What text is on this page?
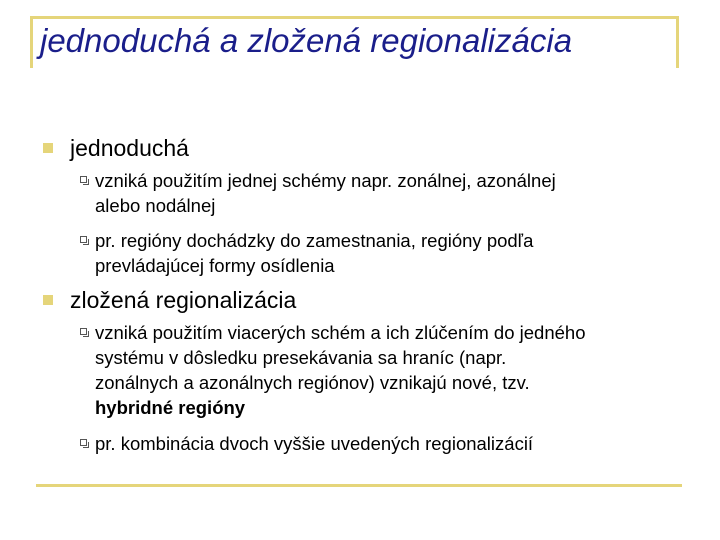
jednoduchá a zložená regionalizácia
jednoduchá
vzniká použitím jednej schémy napr. zonálnej, azonálnej
alebo nodálnej
pr. regióny dochádzky do zamestnania, regióny podľa
prevládajúcej formy osídlenia
zložená regionalizácia
vzniká použitím viacerých schém a ich zlúčením do jedného
systému v dôsledku presekávania sa hraníc (napr.
zonálnych a azonálnych regiónov) vznikajú nové, tzv.
hybridné regióny
pr. kombinácia dvoch vyššie uvedených regionalizácií
